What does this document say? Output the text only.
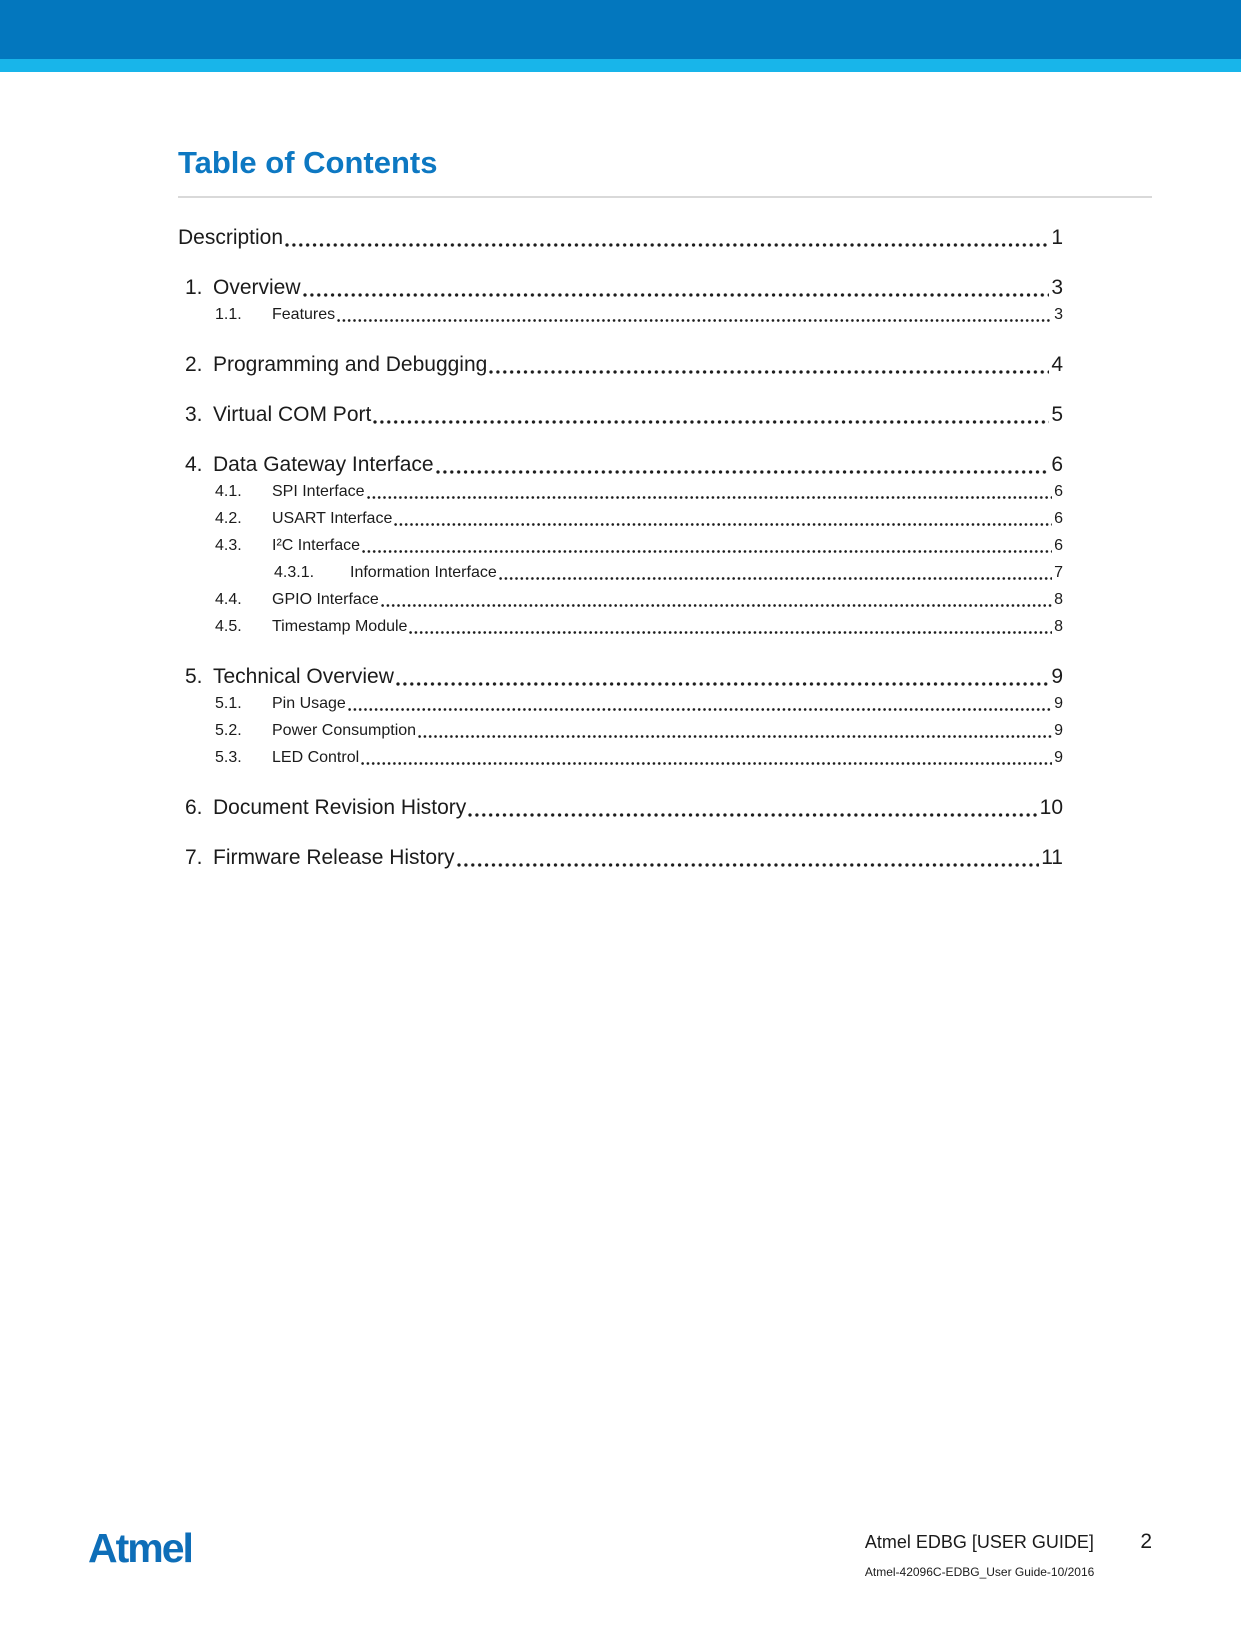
Table of Contents
Description	1
1. Overview	3
1.1.	Features	3
2. Programming and Debugging	4
3. Virtual COM Port	5
4. Data Gateway Interface	6
4.1.	SPI Interface	6
4.2.	USART Interface	6
4.3.	I²C Interface	6
4.3.1.	Information Interface	7
4.4.	GPIO Interface	8
4.5.	Timestamp Module	8
5. Technical Overview	9
5.1.	Pin Usage	9
5.2.	Power Consumption	9
5.3.	LED Control	9
6. Document Revision History	10
7. Firmware Release History	11
Atmel	Atmel EDBG [USER GUIDE]
Atmel-42096C-EDBG_User Guide-10/2016
2
